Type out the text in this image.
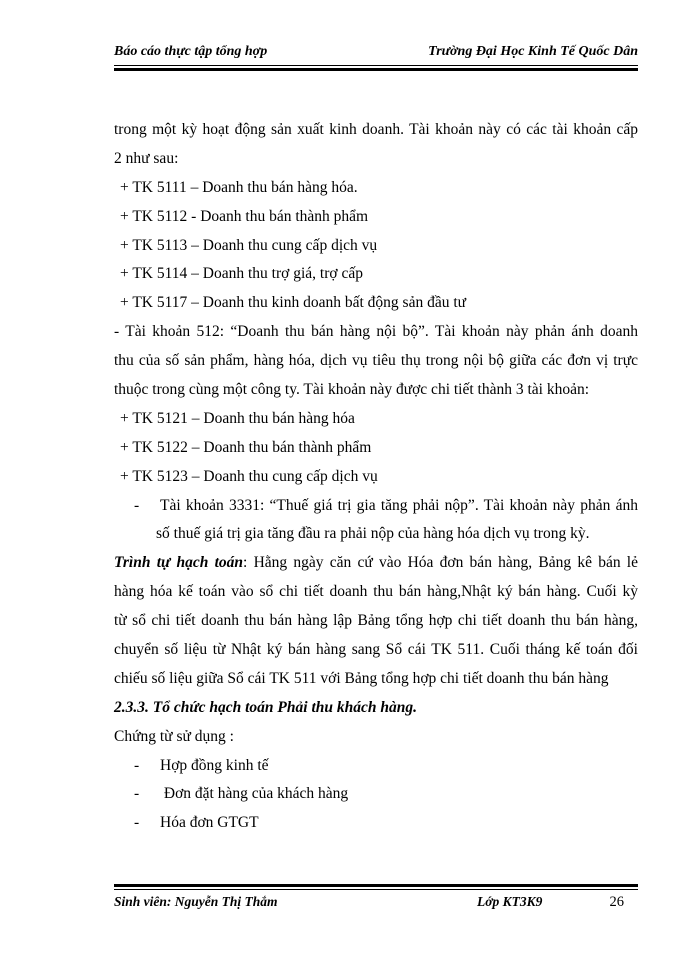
Báo cáo thực tập tổng hợp	Trường Đại Học Kinh Tế Quốc Dân
trong một kỳ hoạt động sản xuất kinh doanh. Tài khoản này có các tài khoản cấp
2 như sau:
+ TK 5111 – Doanh thu bán hàng hóa.
+ TK 5112 - Doanh thu bán thành phẩm
+ TK 5113 – Doanh thu cung cấp dịch vụ
+ TK 5114 – Doanh thu trợ giá, trợ cấp
+ TK 5117 – Doanh thu kinh doanh bất động sản đầu tư
- Tài khoản 512: “Doanh thu bán hàng nội bộ”. Tài khoản này phản ánh doanh
thu của số sản phẩm, hàng hóa, dịch vụ tiêu thụ trong nội bộ giữa các đơn vị trực
thuộc trong cùng một công ty. Tài khoản này được chi tiết thành 3 tài khoản:
+ TK 5121 – Doanh thu bán hàng hóa
+ TK 5122 – Doanh thu bán thành phẩm
+ TK 5123 – Doanh thu cung cấp dịch vụ
-	Tài khoản 3331: “Thuế giá trị gia tăng phải nộp”. Tài khoản này phản ánh
số thuế giá trị gia tăng đầu ra phải nộp của hàng hóa dịch vụ trong kỳ.
Trình tự hạch toán: Hằng ngày căn cứ vào Hóa đơn bán hàng, Bảng kê bán lẻ
hàng hóa kế toán vào sổ chi tiết doanh thu bán hàng,Nhật ký bán hàng. Cuối kỳ
từ sổ chi tiết doanh thu bán hàng lập Bảng tổng hợp chi tiết doanh thu bán hàng,
chuyển số liệu từ Nhật ký bán hàng sang Sổ cái TK 511. Cuối tháng kế toán đối
chiếu số liệu giữa Sổ cái TK 511 với Bảng tổng hợp chi tiết doanh thu bán hàng
2.3.3. Tổ chức hạch toán Phải thu khách hàng.
Chứng từ sử dụng :
- Hợp đồng kinh tế
- Đơn đặt hàng của khách hàng
- Hóa đơn GTGT
Sinh viên: Nguyễn Thị Thắm	Lớp KT3K9	26
